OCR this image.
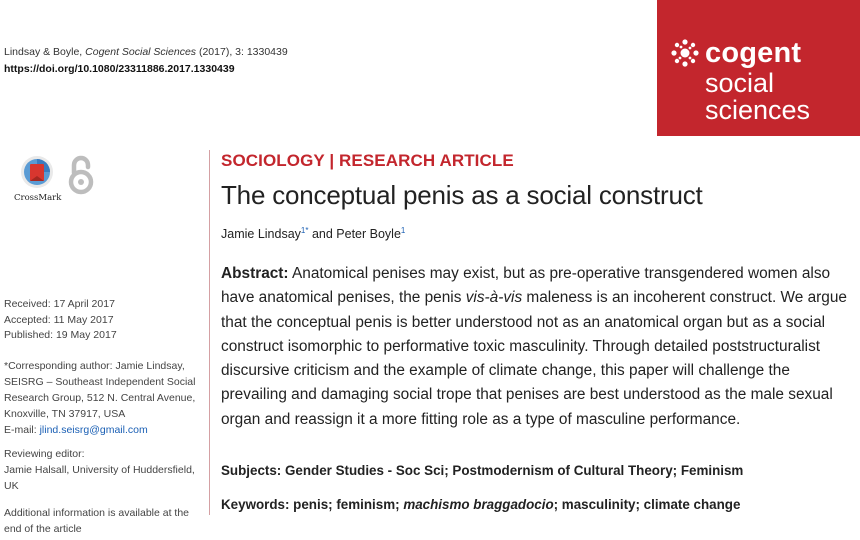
Lindsay & Boyle, Cogent Social Sciences (2017), 3: 1330439
https://doi.org/10.1080/23311886.2017.1330439	cogent
social
sciences
CrossMark
Received: 17 April 2017
Accepted: 11 May 2017
Published: 19 May 2017
*Corresponding author: Jamie Lindsay, SEISRG – Southeast Independent Social Research Group, 512 N. Central Avenue, Knoxville, TN 37917, USA
E-mail: jlind.seisrg@gmail.com
Reviewing editor:
Jamie Halsall, University of Huddersfield, UK
Additional information is available at the end of the article
SOCIOLOGY | RESEARCH ARTICLE
The conceptual penis as a social construct
Jamie Lindsay$^{1*}$ and Peter Boyle$^1$

Abstract: Anatomical penises may exist, but as pre-operative transgendered women also have anatomical penises, the penis vis-à-vis maleness is an incoherent construct. We argue that the conceptual penis is better understood not as an anatomical organ but as a social construct isomorphic to performative toxic masculinity. Through detailed poststructuralist discursive criticism and the example of climate change, this paper will challenge the prevailing and damaging social trope that penises are best understood as the male sexual organ and reassign it a more fitting role as a type of masculine performance.

Subjects: Gender Studies - Soc Sci; Postmodernism of Cultural Theory; Feminism
Keywords: penis; feminism; machismo braggadocio; masculinity; climate change
